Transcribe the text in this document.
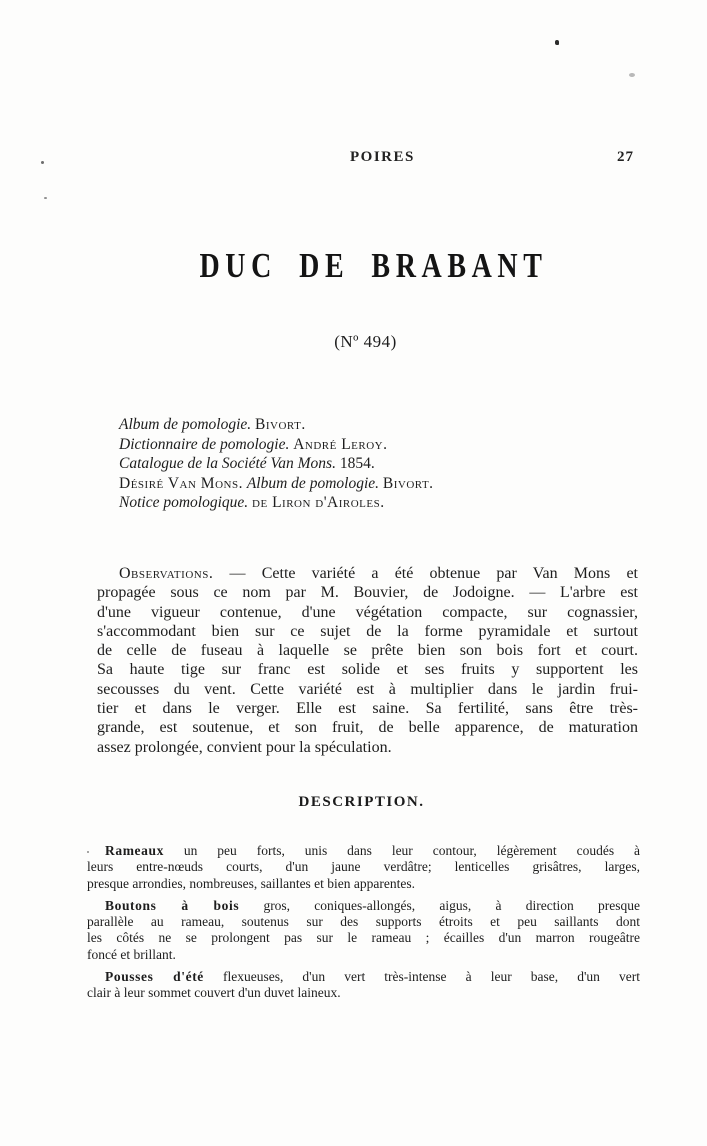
POIRES	27
DUC DE BRABANT
(Nº 494)
Album de pomologie. Bivort.
Dictionnaire de pomologie. André Leroy.
Catalogue de la Société Van Mons. 1854.
Désiré Van Mons. Album de pomologie. Bivort.
Notice pomologique. de Liron d'Airoles.
Observations. — Cette variété a été obtenue par Van Mons et
propagée sous ce nom par M. Bouvier, de Jodoigne. — L'arbre est
d'une vigueur contenue, d'une végétation compacte, sur cognassier,
s'accommodant bien sur ce sujet de la forme pyramidale et surtout
de celle de fuseau à laquelle se prête bien son bois fort et court.
Sa haute tige sur franc est solide et ses fruits y supportent les
secousses du vent. Cette variété est à multiplier dans le jardin frui-
tier et dans le verger. Elle est saine. Sa fertilité, sans être très-
grande, est soutenue, et son fruit, de belle apparence, de maturation
assez prolongée, convient pour la spéculation.
DESCRIPTION.
Rameaux un peu forts, unis dans leur contour, légèrement coudés à
leurs entre-nœuds courts, d'un jaune verdâtre; lenticelles grisâtres, larges,
presque arrondies, nombreuses, saillantes et bien apparentes.
Boutons à bois gros, coniques-allongés, aigus, à direction presque
parallèle au rameau, soutenus sur des supports étroits et peu saillants dont
les côtés ne se prolongent pas sur le rameau ; écailles d'un marron rougeâtre
foncé et brillant.
Pousses d'été flexueuses, d'un vert très-intense à leur base, d'un vert
clair à leur sommet couvert d'un duvet laineux.
